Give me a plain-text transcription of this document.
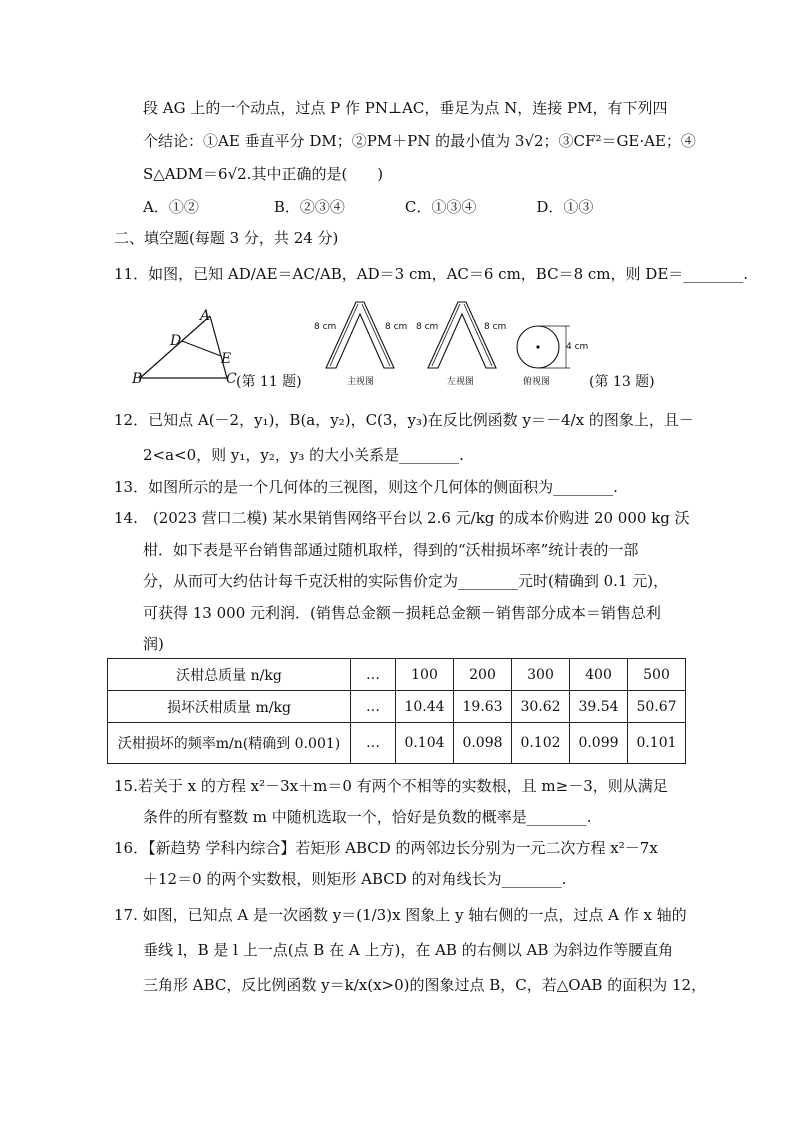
段 AG 上的一个动点，过点 P 作 PN⊥AC，垂足为点 N，连接 PM，有下列四
个结论：①AE 垂直平分 DM；②PM＋PN 的最小值为 3√2；③CF²＝GE·AE；④
S△ADM＝6√2.其中正确的是(　　)
A．①②　　　　　B．②③④　　　　C．①③④　　　　D．①③
二、填空题(每题 3 分，共 24 分)
11．如图，已知 AD/AE＝AC/AB，AD＝3 cm，AC＝6 cm，BC＝8 cm，则 DE＝________.
A
D
E
B	C (第 11 题)
8 cm	8 cm
主视图
8 cm	8 cm
左视图
4 cm
俯视图	(第 13 题)
12．已知点 A(－2，y₁)，B(a，y₂)，C(3，y₃)在反比例函数 y＝－4/x 的图象上，且－
2<a<0，则 y₁，y₂，y₃ 的大小关系是________.
13．如图所示的是一个几何体的三视图，则这个几何体的侧面积为________.
14.　(2023 营口二模) 某水果销售网络平台以 2.6 元/kg 的成本价购进 20 000 kg 沃
柑．如下表是平台销售部通过随机取样，得到的“沃柑损坏率”统计表的一部
分，从而可大约估计每千克沃柑的实际售价定为________元时(精确到 0.1 元)，
可获得 13 000 元利润．(销售总金额－损耗总金额－销售部分成本＝销售总利
润)
沃柑总质量 n/kg	…	100	200	300	400	500
损坏沃柑质量 m/kg	…	10.44	19.63	30.62	39.54	50.67
沃柑损坏的频率m/n(精确到 0.001)	…	0.104	0.098	0.102	0.099	0.101
15.若关于 x 的方程 x²－3x＋m＝0 有两个不相等的实数根，且 m≥－3，则从满足
条件的所有整数 m 中随机选取一个，恰好是负数的概率是________.
16．【新趋势 学科内综合】若矩形 ABCD 的两邻边长分别为一元二次方程 x²－7x
＋12＝0 的两个实数根，则矩形 ABCD 的对角线长为________.
17. 如图，已知点 A 是一次函数 y＝(1/3)x 图象上 y 轴右侧的一点，过点 A 作 x 轴的
垂线 l，B 是 l 上一点(点 B 在 A 上方)，在 AB 的右侧以 AB 为斜边作等腰直角
三角形 ABC，反比例函数 y＝k/x(x>0)的图象过点 B，C，若△OAB 的面积为 12，
